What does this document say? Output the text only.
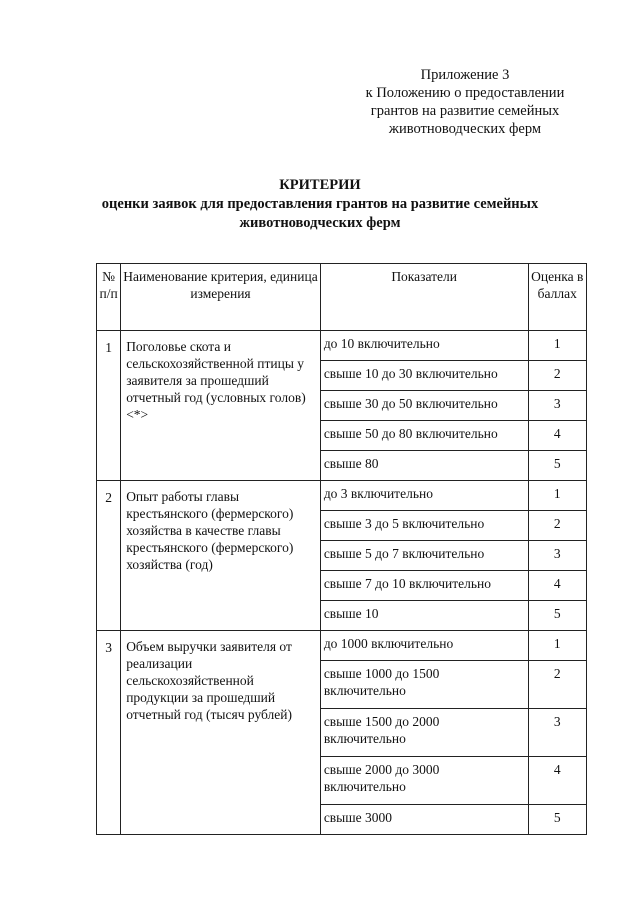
Приложение 3
к Положению о предоставлении
грантов на развитие семейных
животноводческих ферм
КРИТЕРИИ
оценки заявок для предоставления грантов на развитие семейных животноводческих ферм
№ п/п	Наименование критерия, единица измерения	Показатели	Оценка в баллах
1	Поголовье скота и сельскохозяйственной птицы у заявителя за прошедший отчетный год (условных голов) <*>	до 10 включительно	1
		свыше 10 до 30 включительно	2
		свыше 30 до 50 включительно	3
		свыше 50 до 80 включительно	4
		свыше 80	5
2	Опыт работы главы крестьянского (фермерского) хозяйства в качестве главы крестьянского (фермерского) хозяйства (год)	до 3 включительно	1
		свыше 3 до 5 включительно	2
		свыше 5 до 7 включительно	3
		свыше 7 до 10 включительно	4
		свыше 10	5
3	Объем выручки заявителя от реализации сельскохозяйственной продукции за прошедший отчетный год (тысяч рублей)	до 1000 включительно	1
		свыше 1000 до 1500 включительно	2
		свыше 1500 до 2000 включительно	3
		свыше 2000 до 3000 включительно	4
		свыше 3000	5
